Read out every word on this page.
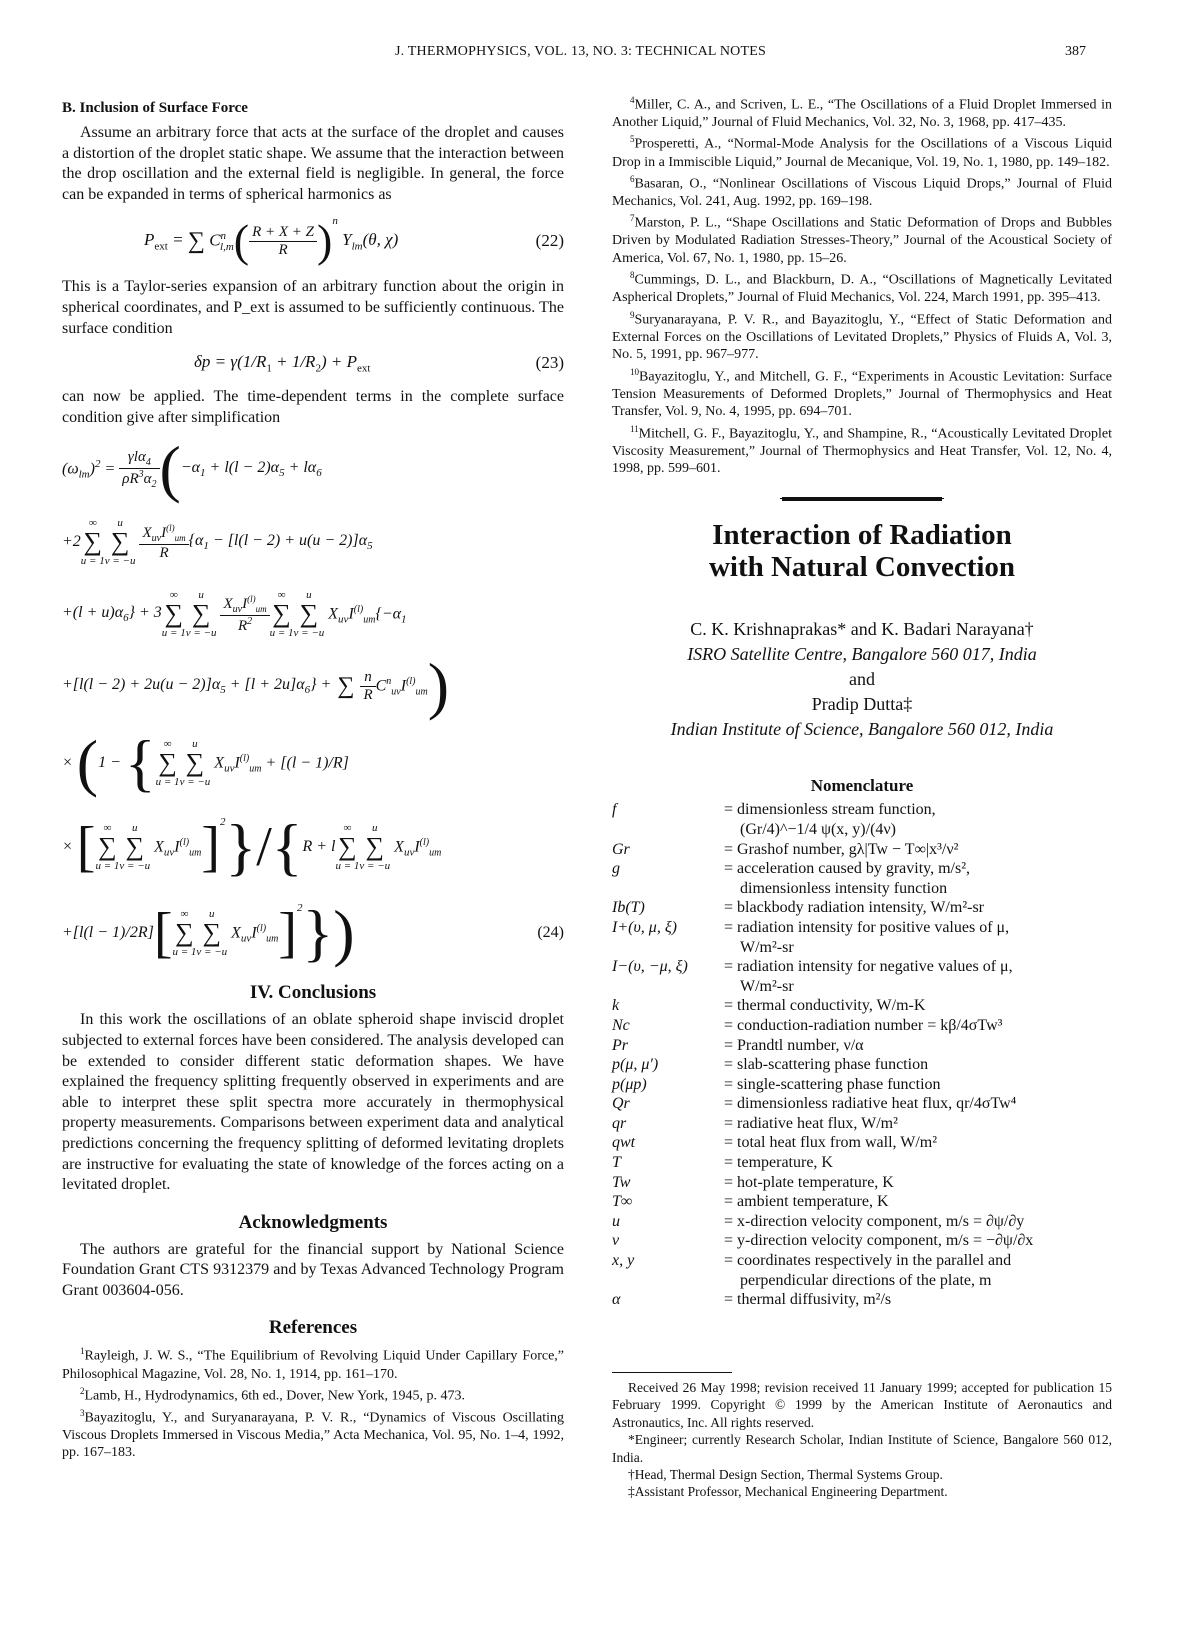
J. THERMOPHYSICS, VOL. 13, NO. 3: TECHNICAL NOTES	387
B. Inclusion of Surface Force

Assume an arbitrary force that acts at the surface of the droplet and causes a distortion of the droplet static shape. We assume that the interaction between the drop oscillation and the external field is negligible. In general, the force can be expanded in terms of spherical harmonics as

$P_{ext}$ = ∑
$C^n_{l,m}$ ( $\frac{R + X + Z}{R} )^n$
$Y_{lm}(\theta$, χ)	(22)

This is a Taylor-series expansion of an arbitrary function about the origin in spherical coordinates, and P_ext is assumed to be sufficiently continuous. The surface condition

$\delta p = \gamma(1/R_1 + 1/R_2) + P_{ext}$	(23)

can now be applied. The time-dependent terms in the complete surface condition give after simplification

$(\omega_{lm})^2 = \frac{\gamma l\alpha_4}{\rho R^3\alpha_2}$ ( $-\alpha_1 + l(l - 2)\alpha_5 + l\alpha_6$
+2
∞
∑
u = 1
u
∑
v = −u
$\frac{X_{uv}I^{(l)}_{um}}{R} \{\alpha_1 - [l(l - 2) + u(u - 2)]\alpha_5$
$+(l + u)\alpha_6\} + 3$
∞
∑
u = 1
u
∑
v = −u
$\frac{X_{uv}I^{(l)}_{um}}{R^2}$ ∞
∑
u = 1
u
∑
v = −u

$X_{uv}I^{(l)}_{um}\{-\alpha_1$
$+[l(l - 2) + 2u(u - 2)]\alpha_5 + [l + 2u]\alpha_6$} + ∑ $\frac{n}{R} C^n_{uv}I^{(l)}_{um}$ )
× ( 1 − { ∞
∑
u = 1
u
∑
v = −u

$X_{uv}I^{(l)}_{um} + [(l - 1)/R]$
× [ ∞
∑
u = 1
u
∑
v = −u

$X_{uv}I^{(l)}_{um}$ ]$^2$ } / { R + l
∞
∑
u = 1
u
∑
v = −u

$X_{uv}I^{(l)}_{um}$
+[l(l − 1)/2R] [ ∞
∑
u = 1
u
∑
v = −u

$X_{uv}I^{(l)}_{um}$ ]$^2$ })	(24)
IV. Conclusions

In this work the oscillations of an oblate spheroid shape inviscid droplet subjected to external forces have been considered. The analysis developed can be extended to consider different static deformation shapes. We have explained the frequency splitting frequently observed in experiments and are able to interpret these split spectra more accurately in thermophysical property measurements. Comparisons between experiment data and analytical predictions concerning the frequency splitting of deformed levitating droplets are instructive for evaluating the state of knowledge of the forces acting on a levitated droplet.

Acknowledgments

The authors are grateful for the financial support by National Science Foundation Grant CTS 9312379 and by Texas Advanced Technology Program Grant 003604-056.

References

$^1$Rayleigh, J. W. S., “The Equilibrium of Revolving Liquid Under Capillary Force,” Philosophical Magazine, Vol. 28, No. 1, 1914, pp. 161–170.

$^2$Lamb, H., Hydrodynamics, 6th ed., Dover, New York, 1945, p. 473.

$^3$Bayazitoglu, Y., and Suryanarayana, P. V. R., “Dynamics of Viscous Oscillating Viscous Droplets Immersed in Viscous Media,” Acta Mechanica, Vol. 95, No. 1–4, 1992, pp. 167–183.

$^4$Miller, C. A., and Scriven, L. E., “The Oscillations of a Fluid Droplet Immersed in Another Liquid,” Journal of Fluid Mechanics, Vol. 32, No. 3, 1968, pp. 417–435.

$^5$Prosperetti, A., “Normal-Mode Analysis for the Oscillations of a Viscous Liquid Drop in a Immiscible Liquid,” Journal de Mecanique, Vol. 19, No. 1, 1980, pp. 149–182.

$^6$Basaran, O., “Nonlinear Oscillations of Viscous Liquid Drops,” Journal of Fluid Mechanics, Vol. 241, Aug. 1992, pp. 169–198.

$^7$Marston, P. L., “Shape Oscillations and Static Deformation of Drops and Bubbles Driven by Modulated Radiation Stresses-Theory,” Journal of the Acoustical Society of America, Vol. 67, No. 1, 1980, pp. 15–26.

$^8$Cummings, D. L., and Blackburn, D. A., “Oscillations of Magnetically Levitated Aspherical Droplets,” Journal of Fluid Mechanics, Vol. 224, March 1991, pp. 395–413.

$^9$Suryanarayana, P. V. R., and Bayazitoglu, Y., “Effect of Static Deformation and External Forces on the Oscillations of Levitated Droplets,” Physics of Fluids A, Vol. 3, No. 5, 1991, pp. 967–977.

$^{10}$Bayazitoglu, Y., and Mitchell, G. F., “Experiments in Acoustic Levitation: Surface Tension Measurements of Deformed Droplets,” Journal of Thermophysics and Heat Transfer, Vol. 9, No. 4, 1995, pp. 694–701.

$^{11}$Mitchell, G. F., Bayazitoglu, Y., and Shampine, R., “Acoustically Levitated Droplet Viscosity Measurement,” Journal of Thermophysics and Heat Transfer, Vol. 12, No. 4, 1998, pp. 599–601.

Interaction of Radiation

with Natural Convection

C. K. Krishnaprakas* and K. Badari Narayana†
ISRO Satellite Centre, Bangalore 560 017, India
and
Pradip Dutta‡
Indian Institute of Science, Bangalore 560 012, India
Nomenclature
f	= dimensionless stream function,
(Gr/4)^−1/4 ψ(x, y)/(4ν)
Gr	= Grashof number, gλ|Tw − T∞|x³/ν²
g	= acceleration caused by gravity, m/s²,
dimensionless intensity function
Ib(T)	= blackbody radiation intensity, W/m²-sr
I+(υ, μ, ξ)	= radiation intensity for positive values of μ,
W/m²-sr
I−(υ, −μ, ξ)	= radiation intensity for negative values of μ,
W/m²-sr
k	= thermal conductivity, W/m-K
Nc	= conduction-radiation number = kβ/4σTw³
Pr	= Prandtl number, ν/α
p(μ, μ′)	= slab-scattering phase function
p(μp)	= single-scattering phase function
Qr	= dimensionless radiative heat flux, qr/4σTw⁴
qr	= radiative heat flux, W/m²
qwt	= total heat flux from wall, W/m²
T	= temperature, K
Tw	= hot-plate temperature, K
T∞	= ambient temperature, K
u	= x-direction velocity component, m/s = ∂ψ/∂y
v	= y-direction velocity component, m/s = −∂ψ/∂x
x, y	= coordinates respectively in the parallel and
perpendicular directions of the plate, m
α	= thermal diffusivity, m²/s

Received 26 May 1998; revision received 11 January 1999; accepted for publication 15 February 1999. Copyright © 1999 by the American Institute of Aeronautics and Astronautics, Inc. All rights reserved.

*Engineer; currently Research Scholar, Indian Institute of Science, Bangalore 560 012, India.

†Head, Thermal Design Section, Thermal Systems Group.

‡Assistant Professor, Mechanical Engineering Department.
